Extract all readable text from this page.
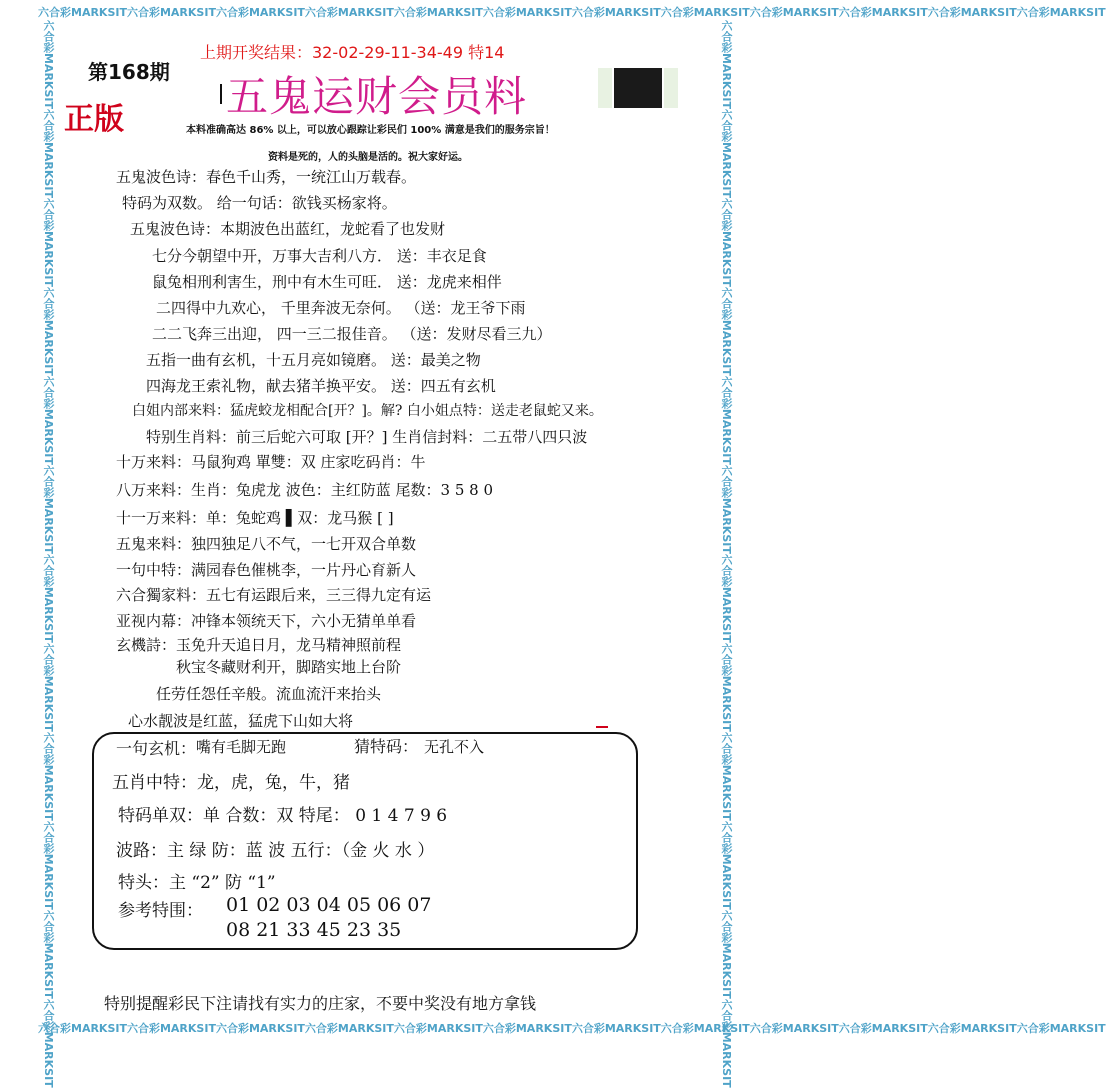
六合彩MARKSIT六合彩MARKSIT六合彩MARKSIT六合彩MARKSIT六合彩MARKSIT六合彩MARKSIT六合彩MARKSIT六合彩MARKSIT六合彩MARKSIT六合彩MARKSIT六合彩MARKSIT六合彩MARKSIT
六合彩MARKSIT六合彩MARKSIT六合彩MARKSIT六合彩MARKSIT六合彩MARKSIT六合彩MARKSIT六合彩MARKSIT六合彩MARKSIT六合彩MARKSIT六合彩MARKSIT六合彩MARKSIT六合彩MARKSIT
六合彩MARKSIT六合彩MARKSIT六合彩MARKSIT六合彩MARKSIT六合彩MARKSIT六合彩MARKSIT六合彩MARKSIT六合彩MARKSIT六合彩MARKSIT六合彩MARKSIT六合彩MARKSIT六合彩MARKSIT	六合彩MARKSIT六合彩MARKSIT六合彩MARKSIT六合彩MARKSIT六合彩MARKSIT六合彩MARKSIT六合彩MARKSIT六合彩MARKSIT六合彩MARKSIT六合彩MARKSIT六合彩MARKSIT六合彩MARKSIT
第168期
正版
上期开奖结果：32-02-29-11-34-49 特14
五鬼运财会员料
本料准确高达 86% 以上，可以放心跟踪让彩民们 100% 满意是我们的服务宗旨！
资料是死的，人的头脑是活的。祝大家好运。
五鬼波色诗：春色千山秀，一统江山万载春。
特码为双数。 给一句话：欲钱买杨家将。
五鬼波色诗：本期波色出蓝红，龙蛇看了也发财
七分今朝望中开，万事大吉利八方． 送：丰衣足食
鼠兔相刑利害生，刑中有木生可旺． 送：龙虎来相伴
二四得中九欢心， 千里奔波无奈何。 （送：龙王爷下雨
二二飞奔三出迎， 四一三二报佳音。 （送：发财尽看三九）
五指一曲有玄机，十五月亮如镜磨。 送：最美之物
四海龙王索礼物，献去猪羊换平安。 送：四五有玄机
白姐内部来料：猛虎蛟龙相配合[开？]。解? 白小姐点特：送走老鼠蛇又来。
特别生肖料：前三后蛇六可取 [开？] 生肖信封料：二五带八四只波
十万来料：马鼠狗鸡 單雙：双 庄家吃码肖：牛
八万来料：生肖：兔虎龙 波色：主红防蓝 尾数：3 5 8 0
十一万来料：单：兔蛇鸡 ▌双：龙马猴 [ ]
五鬼来料：独四独足八不气，一七开双合单数
一句中特：满园春色催桃李，一片丹心育新人
六合獨家料：五七有运跟后来，三三得九定有运
亚视内幕：冲锋本领统天下，六小无猜单单看
玄機詩：玉免升天追日月，龙马精神照前程
秋宝冬藏财利开，脚踏实地上台阶
任劳任怨任辛般。流血流汗来抬头
心水靓波是红蓝，猛虎下山如大将
一句玄机： 嘴有毛脚无跑	猜特码： 无孔不入
五肖中特：龙，虎，兔，牛，猪
特码单双：单 合数：双 特尾： 0 1 4 7 9 6
波路：主 绿 防：蓝 波 五行：（金 火 水 ）
特头：主 “2” 防 “1”
参考特围： 01 02 03 04 05 06 07
08 21 33 45 23 35
特别提醒彩民下注请找有实力的庄家，不要中奖没有地方拿钱
